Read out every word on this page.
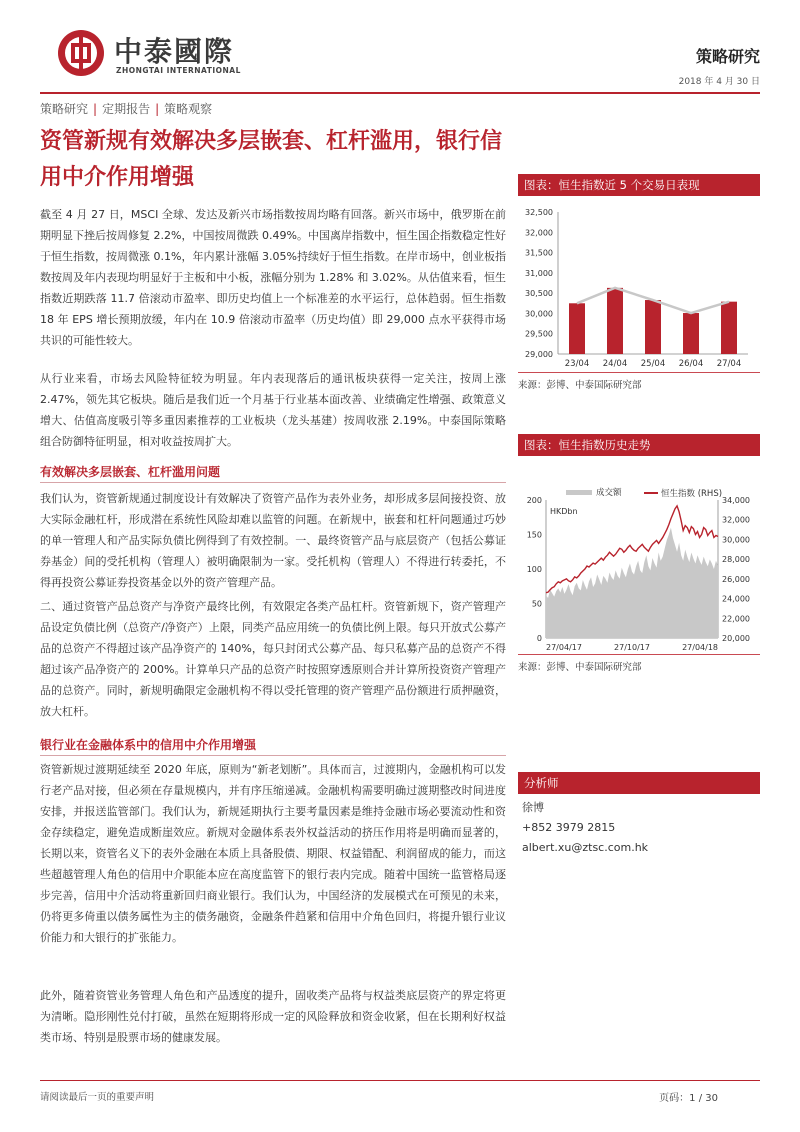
中泰國際
ZHONGTAI INTERNATIONAL
策略研究
2018 年 4 月 30 日
策略研究 | 定期报告 | 策略观察
资管新规有效解决多层嵌套、杠杆滥用，银行信用中介作用增强
截至 4 月 27 日，MSCI 全球、发达及新兴市场指数按周均略有回落。新兴市场中，俄罗斯在前期明显下挫后按周修复 2.2%，中国按周微跌 0.49%。中国离岸指数中，恒生国企指数稳定性好于恒生指数，按周微涨 0.1%，年内累计涨幅 3.05%持续好于恒生指数。在岸市场中，创业板指数按周及年内表现均明显好于主板和中小板，涨幅分别为 1.28% 和 3.02%。从估值来看，恒生指数近期跌落 11.7 倍滚动市盈率、即历史均值上一个标准差的水平运行，总体趋弱。恒生指数 18 年 EPS 增长预期放缓，年内在 10.9 倍滚动市盈率（历史均值）即 29,000 点水平获得市场共识的可能性较大。
从行业来看，市场去风险特征较为明显。年内表现落后的通讯板块获得一定关注，按周上涨 2.47%，领先其它板块。随后是我们近一个月基于行业基本面改善、业绩确定性增强、政策意义增大、估值高度吸引等多重因素推荐的工业板块（龙头基建）按周收涨 2.19%。中泰国际策略组合防御特征明显，相对收益按周扩大。
有效解决多层嵌套、杠杆滥用问题
我们认为，资管新规通过制度设计有效解决了资管产品作为表外业务，却形成多层间接投资、放大实际金融杠杆，形成潜在系统性风险却难以监管的问题。在新规中，嵌套和杠杆问题通过巧妙的单一管理人和产品实际负债比例得到了有效控制。一、最终资管产品与底层资产（包括公募证券基金）间的受托机构（管理人）被明确限制为一家。受托机构（管理人）不得进行转委托，不得再投资公募证券投资基金以外的资产管理产品。
二、通过资管产品总资产与净资产最终比例，有效限定各类产品杠杆。资管新规下，资产管理产品设定负债比例（总资产/净资产）上限，同类产品应用统一的负债比例上限。每只开放式公募产品的总资产不得超过该产品净资产的 140%，每只封闭式公募产品、每只私募产品的总资产不得超过该产品净资产的 200%。计算单只产品的总资产时按照穿透原则合并计算所投资资产管理产品的总资产。同时，新规明确限定金融机构不得以受托管理的资产管理产品份额进行质押融资，放大杠杆。
银行业在金融体系中的信用中介作用增强
资管新规过渡期延续至 2020 年底，原则为“新老划断”。具体而言，过渡期内，金融机构可以发行老产品对接，但必须在存量规模内，并有序压缩递减。金融机构需要明确过渡期整改时间进度安排，并报送监管部门。我们认为，新规延期执行主要考量因素是维持金融市场必要流动性和资金存续稳定，避免造成断崖效应。新规对金融体系表外权益活动的挤压作用将是明确而显著的，长期以来，资管名义下的表外金融在本质上具备股债、期限、权益错配、利润留成的能力，而这些超越管理人角色的信用中介职能本应在高度监管下的银行表内完成。随着中国统一监管格局逐步完善，信用中介活动将重新回归商业银行。我们认为，中国经济的发展模式在可预见的未来，仍将更多倚重以债务属性为主的债务融资，金融条件趋紧和信用中介角色回归，将提升银行业议价能力和大银行的扩张能力。
此外，随着资管业务管理人角色和产品透度的提升，固收类产品将与权益类底层资产的界定将更为清晰。隐形刚性兑付打破，虽然在短期将形成一定的风险释放和资金收紧，但在长期利好权益类市场、特别是股票市场的健康发展。
图表：恒生指数近 5 个交易日表现
32,500
32,000
31,500
31,000
30,500
30,000
29,500
29,000
23/04 24/04 25/04 26/04 27/04
来源：彭博、中泰国际研究部
图表：恒生指数历史走势
成交额	恒生指数 (RHS)
HKDbn
200
150
100
50
0
34,000
32,000
30,000
28,000
26,000
24,000
22,000
20,000
27/04/17	27/10/17	27/04/18
来源：彭博、中泰国际研究部
分析师
徐博
+852 3979 2815
albert.xu@ztsc.com.hk
请阅读最后一页的重要声明	页码：1 / 30
